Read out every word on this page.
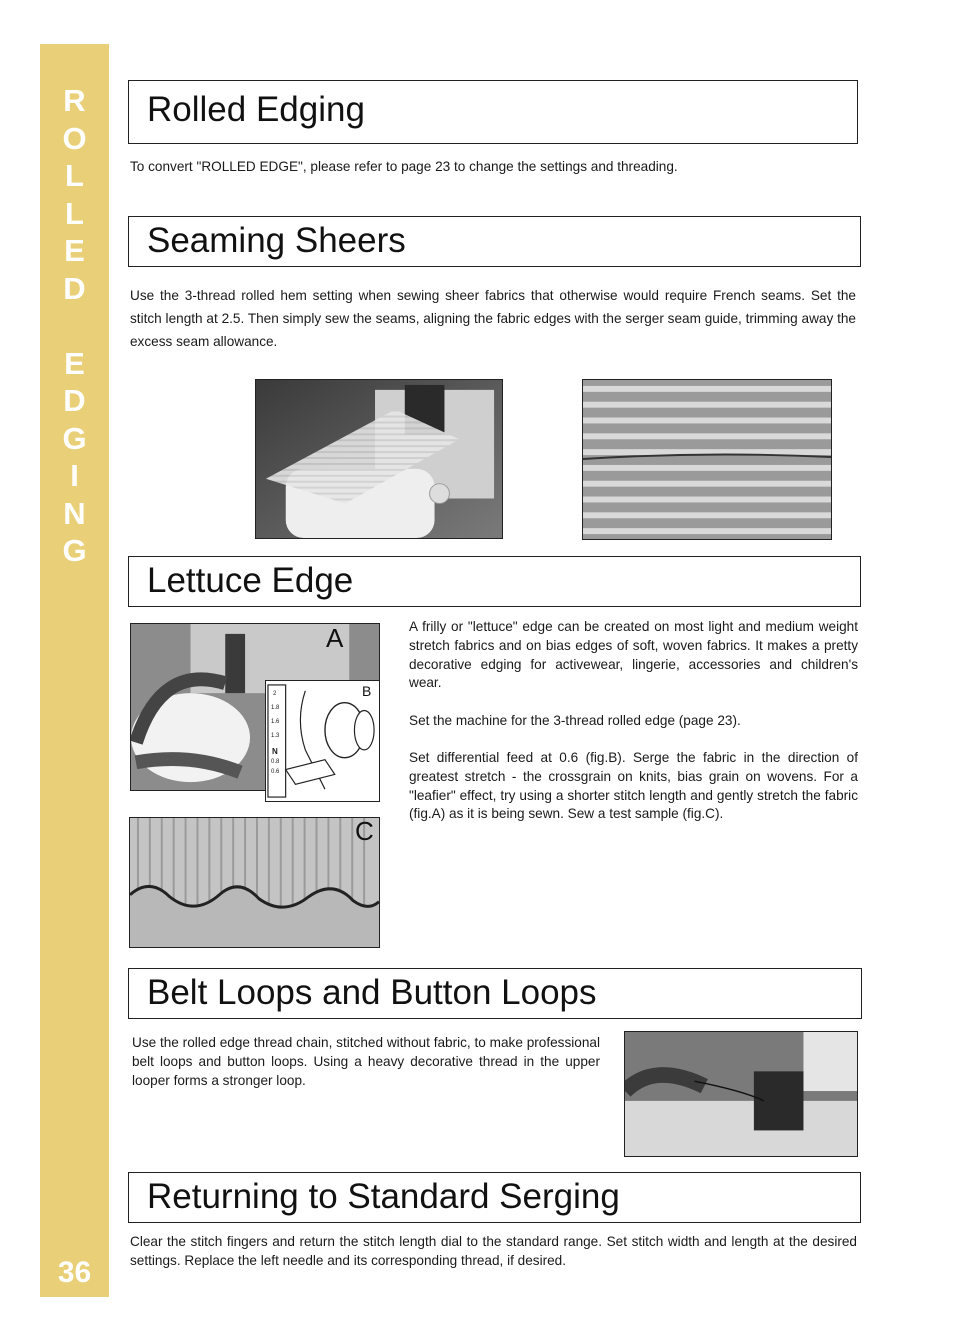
R
O
L
L
E
D
E
D
G
I
N
G
36
Rolled Edging
To convert "ROLLED EDGE", please refer to page 23 to change the settings and threading.
Seaming Sheers
Use the 3-thread rolled hem setting when sewing sheer fabrics that otherwise would require French seams. Set the stitch length at 2.5. Then simply sew the seams, aligning the fabric edges with the serger seam guide, trimming away the excess seam allowance.
Lettuce Edge
A
2
1.8
1.6
1.3
N
0.8
0.6
B
C
A frilly or "lettuce" edge can be created on most light and medium weight stretch fabrics and on bias edges of soft, woven fabrics. It makes a pretty decorative edging for activewear, lingerie, accessories and children's wear.
Set the machine for the 3-thread rolled edge (page 23).
Set differential feed at 0.6 (fig.B). Serge the fabric in the direction of greatest stretch - the crossgrain on knits, bias grain on wovens. For a "leafier" effect, try using a shorter stitch length and gently stretch the fabric (fig.A) as it is being sewn. Sew a test sample (fig.C).
Belt Loops and Button Loops
Use the rolled edge thread chain, stitched without fabric, to make professional belt loops and button loops. Using a heavy decorative thread in the upper looper forms a stronger loop.
Returning to Standard Serging
Clear the stitch fingers and return the stitch length dial to the standard range. Set stitch width and length at the desired settings. Replace the left needle and its corresponding thread, if desired.
